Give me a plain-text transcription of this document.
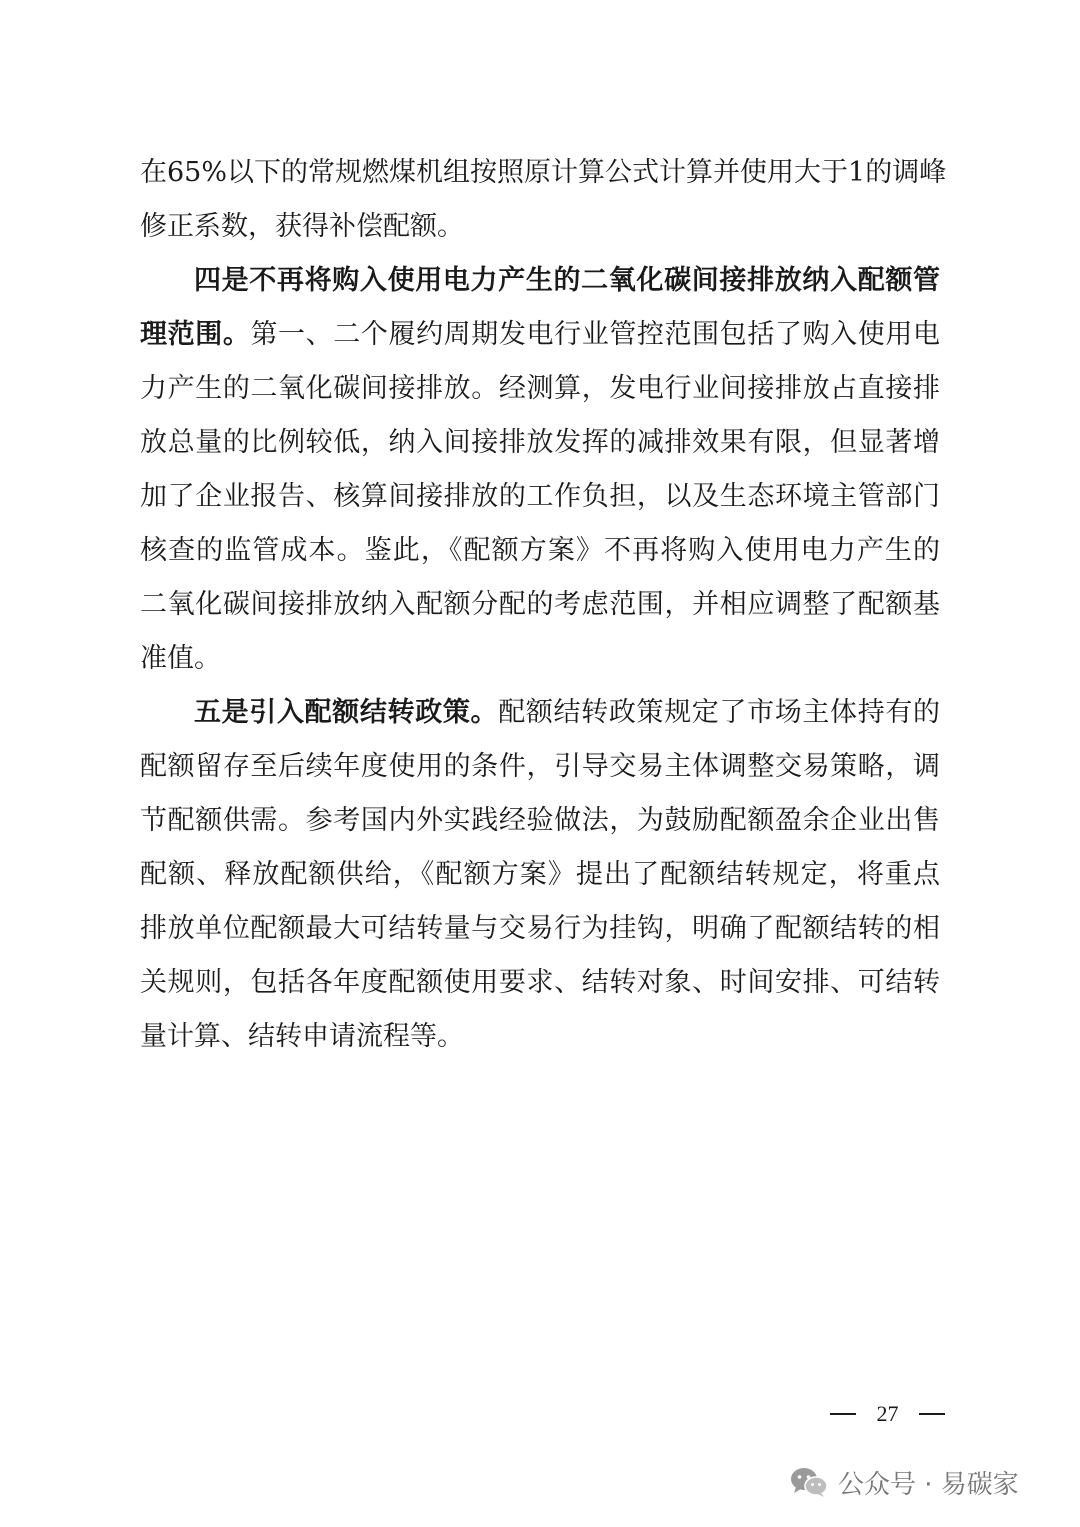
在65%以下的常规燃煤机组按照原计算公式计算并使用大于1的调峰
修正系数，获得补偿配额。
四是不再将购入使用电力产生的二氧化碳间接排放纳入配额管
理范围。第一、二个履约周期发电行业管控范围包括了购入使用电
力产生的二氧化碳间接排放。经测算，发电行业间接排放占直接排
放总量的比例较低，纳入间接排放发挥的减排效果有限，但显著增
加了企业报告、核算间接排放的工作负担，以及生态环境主管部门
核查的监管成本。鉴此，《配额方案》不再将购入使用电力产生的
二氧化碳间接排放纳入配额分配的考虑范围，并相应调整了配额基
准值。
五是引入配额结转政策。配额结转政策规定了市场主体持有的
配额留存至后续年度使用的条件，引导交易主体调整交易策略，调
节配额供需。参考国内外实践经验做法，为鼓励配额盈余企业出售
配额、释放配额供给，《配额方案》提出了配额结转规定，将重点
排放单位配额最大可结转量与交易行为挂钩，明确了配额结转的相
关规则，包括各年度配额使用要求、结转对象、时间安排、可结转
量计算、结转申请流程等。
27
公众号 · 易碳家
